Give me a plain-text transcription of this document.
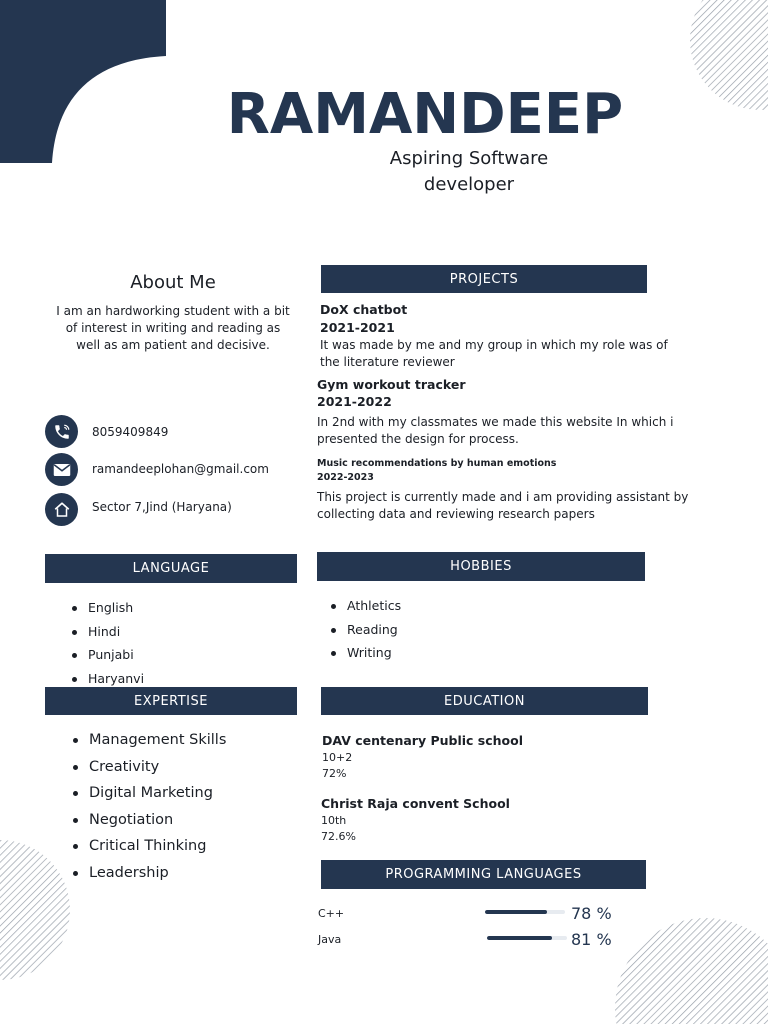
RAMANDEEP
Aspiring Software
developer
About Me
I am an hardworking student with a bit of interest in writing and reading as well as am patient and decisive.
8059409849
ramandeeplohan@gmail.com
Sector 7,Jind (Haryana)
PROJECTS
DoX chatbot
2021-2021
It was made by me and my group in which my role was of the literature reviewer
Gym workout tracker
2021-2022
In 2nd with my classmates we made this website In which i presented the design for process.
Music recommendations by human emotions
2022-2023
This project is currently made and i am providing assistant by collecting data and reviewing research papers
LANGUAGE
English
Hindi
Punjabi
Haryanvi
HOBBIES
Athletics
Reading
Writing
EXPERTISE
Management Skills
Creativity
Digital Marketing
Negotiation
Critical Thinking
Leadership
EDUCATION
DAV centenary Public school
10+2
72%
Christ Raja convent School
10th
72.6%
PROGRAMMING LANGUAGES
C++	78 %
Java	81 %
